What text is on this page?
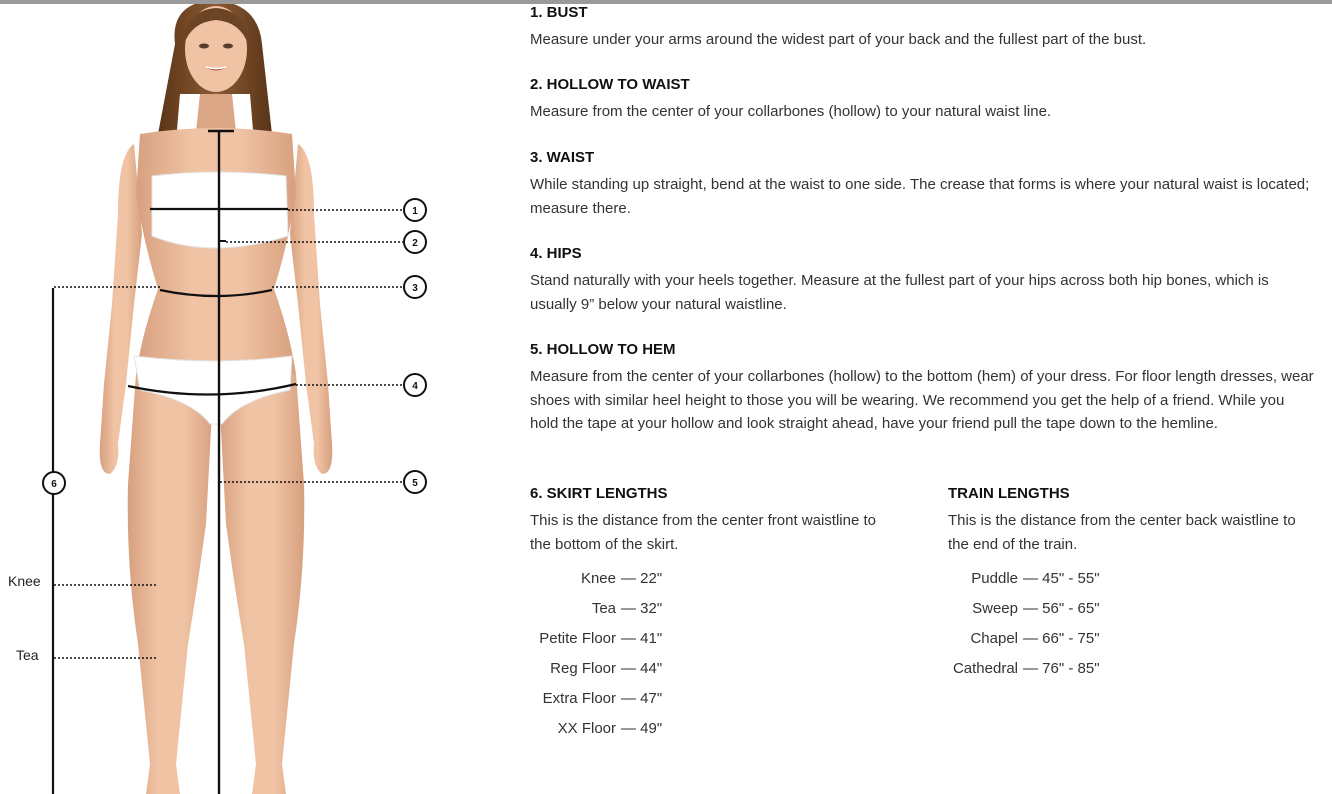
1
2
3
4
5
6
Knee
Tea
1. BUST

Measure under your arms around the widest part of your back and the fullest part of the bust.

2. HOLLOW TO WAIST

Measure from the center of your collarbones (hollow) to your natural waist line.

3. WAIST

While standing up straight, bend at the waist to one side. The crease that forms is where your natural waist is located; measure there.

4. HIPS

Stand naturally with your heels together. Measure at the fullest part of your hips across both hip bones, which is usually 9” below your natural waistline.

5. HOLLOW TO HEM

Measure from the center of your collarbones (hollow) to the bottom (hem) of your dress. For floor length dresses, wear shoes with similar heel height to those you will be wearing. We recommend you get the help of a friend. While you hold the tape at your hollow and look straight ahead, have your friend pull the tape down to the hemline.

6. SKIRT LENGTHS

This is the distance from the center front waistline to the bottom of the skirt.

Knee	— 22"
Tea	— 32"
Petite Floor	— 41"
Reg Floor	— 44"
Extra Floor	— 47"
XX Floor	— 49"
TRAIN LENGTHS

This is the distance from the center back waistline to the end of the train.

Puddle	— 45" - 55"
Sweep	— 56" - 65"
Chapel	— 66" - 75"
Cathedral	— 76" - 85"
